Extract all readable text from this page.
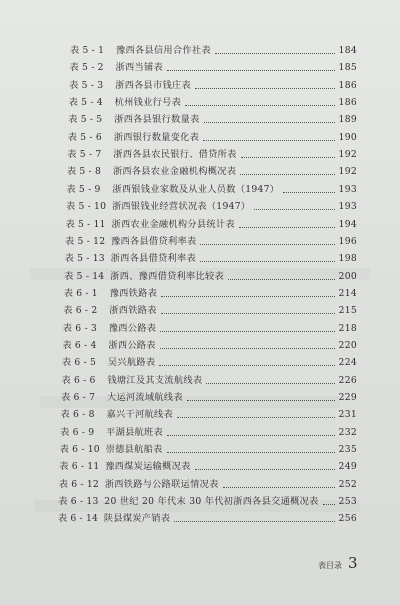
表 5 - 1	豫西各县信用合作社表	184
表 5 - 2	浙西当铺表	185
表 5 - 3	浙西各县市钱庄表	186
表 5 - 4	杭州钱业行号表	186
表 5 - 5	浙西各县银行数量表	189
表 5 - 6	浙西银行数量变化表	190
表 5 - 7	浙西各县农民银行、借贷所表	192
表 5 - 8	浙西各县农业金融机构概况表	192
表 5 - 9	浙西银钱业家数及从业人员数（1947）	193
表 5 - 10 浙西银钱业经营状况表（1947）	193
表 5 - 11 浙西农业金融机构分县统计表	194
表 5 - 12 豫西各县借贷利率表	196
表 5 - 13 浙西各县借贷利率表	198
表 5 - 14 浙西、豫西借贷利率比较表	200
表 6 - 1	豫西铁路表	214
表 6 - 2	浙西铁路表	215
表 6 - 3	豫西公路表	218
表 6 - 4	浙西公路表	220
表 6 - 5	吴兴航路表	224
表 6 - 6	钱塘江及其支流航线表	226
表 6 - 7	大运河流域航线表	229
表 6 - 8	嘉兴干河航线表	231
表 6 - 9	平湖县航班表	232
表 6 - 10 崇德县航船表	235
表 6 - 11 豫西煤炭运输概况表	249
表 6 - 12 浙西铁路与公路联运情况表	252
表 6 - 13 20 世纪 20 年代末 30 年代初浙西各县交通概况表 253
表 6 - 14 陕县煤炭产销表	256
表目录 3
